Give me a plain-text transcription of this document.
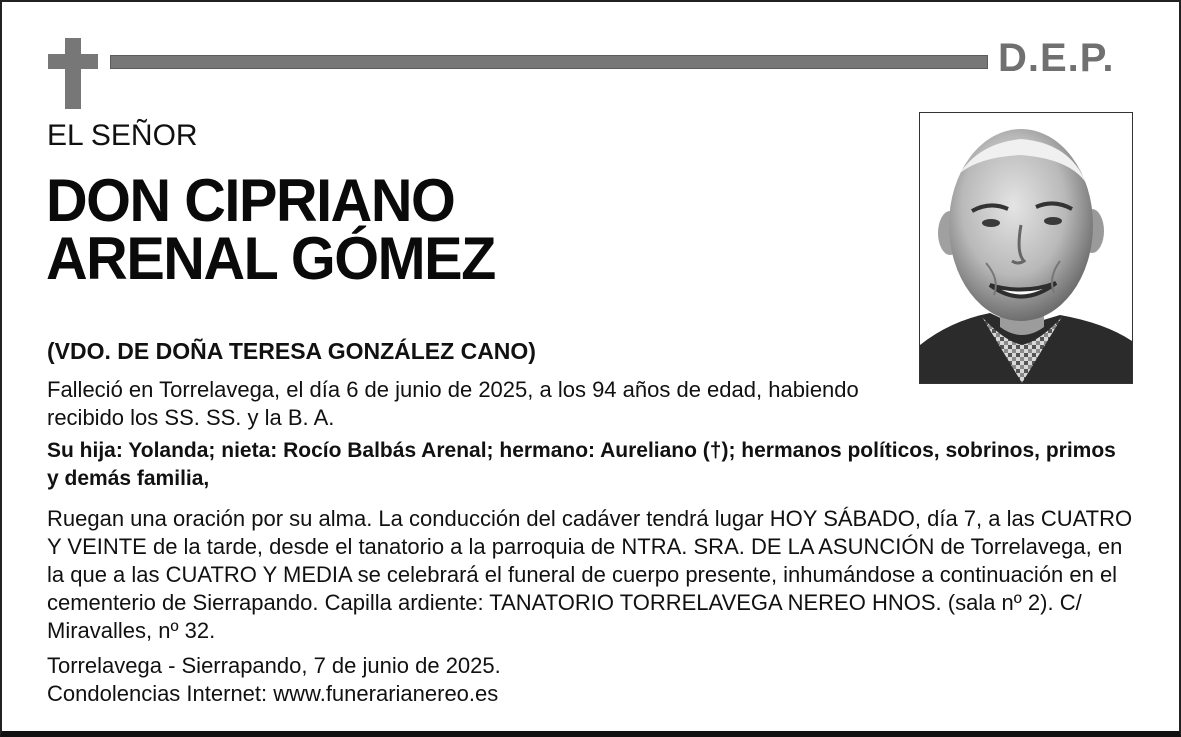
D.E.P.
EL SEÑOR
DON CIPRIANO
ARENAL GÓMEZ
(VDO. DE DOÑA TERESA GONZÁLEZ CANO)
Falleció en Torrelavega, el día 6 de junio de 2025, a los 94 años de edad, habiendo recibido los SS. SS. y la B. A.
Su hija: Yolanda; nieta: Rocío Balbás Arenal; hermano: Aureliano (†); hermanos políticos, sobrinos, primos y demás familia,
Ruegan una oración por su alma. La conducción del cadáver tendrá lugar HOY SÁBADO, día 7, a las CUATRO Y VEINTE de la tarde, desde el tanatorio a la parroquia de NTRA. SRA. DE LA ASUNCIÓN de Torrelavega, en la que a las CUATRO Y MEDIA se celebrará el funeral de cuerpo presente, inhumándose a continuación en el cementerio de Sierrapando. Capilla ardiente: TANATORIO TORRELAVEGA NEREO HNOS. (sala nº 2). C/ Miravalles, nº 32.
Torrelavega - Sierrapando, 7 de junio de 2025.
Condolencias Internet: www.funerarianereo.es
